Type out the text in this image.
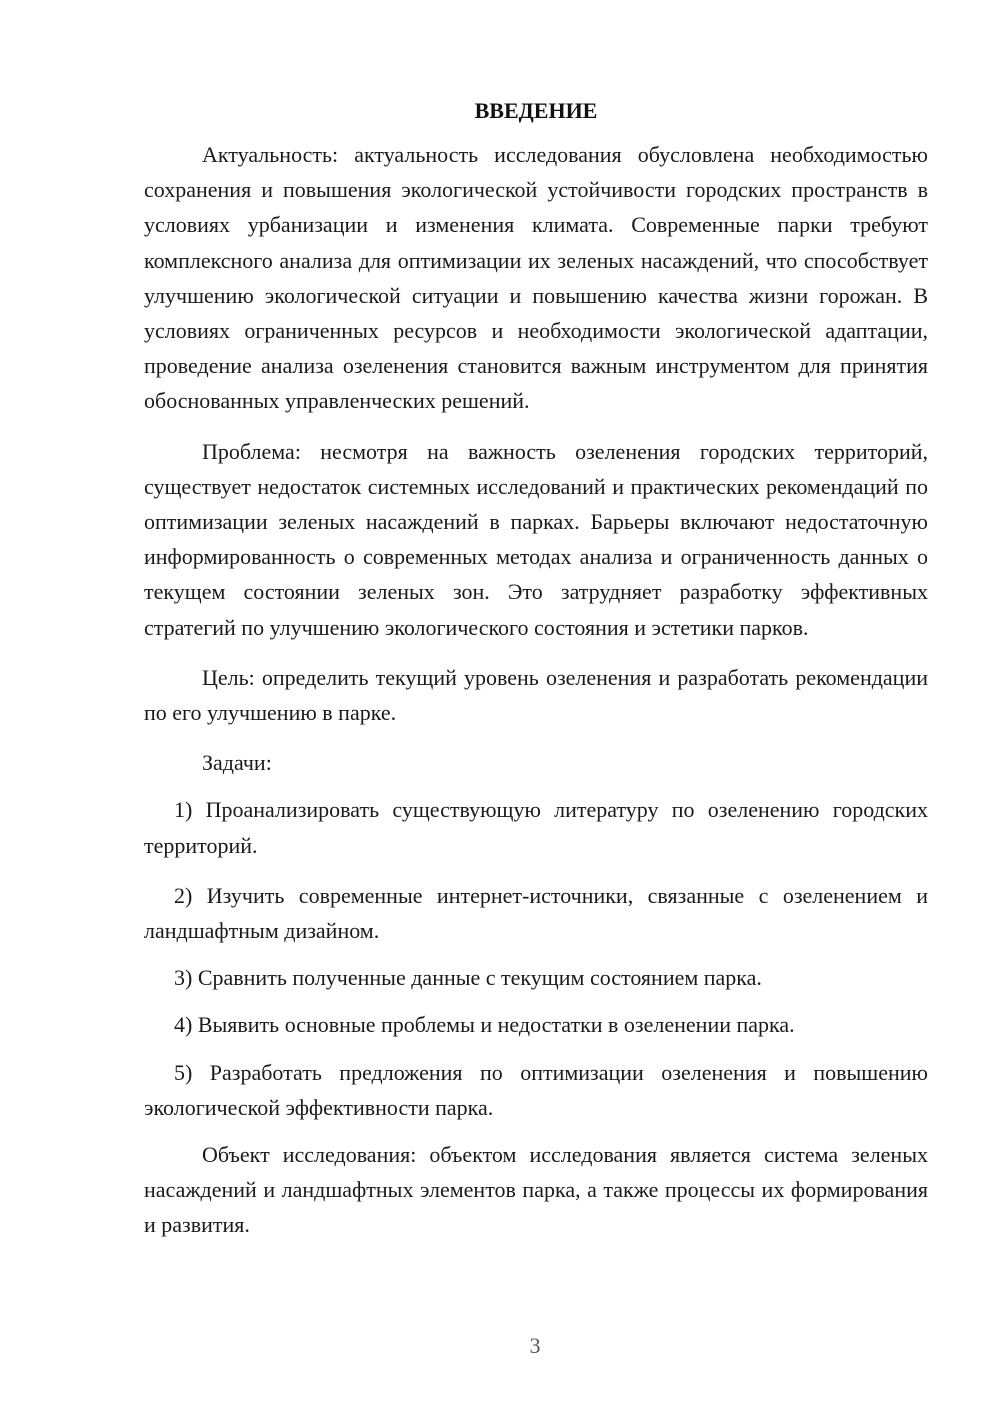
ВВЕДЕНИЕ

Актуальность: актуальность исследования обусловлена необходимостью сохранения и повышения экологической устойчивости городских пространств в условиях урбанизации и изменения климата. Современные парки требуют комплексного анализа для оптимизации их зеленых насаждений, что способствует улучшению экологической ситуации и повышению качества жизни горожан. В условиях ограниченных ресурсов и необходимости экологической адаптации, проведение анализа озеленения становится важным инструментом для принятия обоснованных управленческих решений.

Проблема: несмотря на важность озеленения городских территорий, существует недостаток системных исследований и практических рекомендаций по оптимизации зеленых насаждений в парках. Барьеры включают недостаточную информированность о современных методах анализа и ограниченность данных о текущем состоянии зеленых зон. Это затрудняет разработку эффективных стратегий по улучшению экологического состояния и эстетики парков.

Цель: определить текущий уровень озеленения и разработать рекомендации по его улучшению в парке.

Задачи:

1) Проанализировать существующую литературу по озеленению городских территорий.

2) Изучить современные интернет-источники, связанные с озеленением и ландшафтным дизайном.

3) Сравнить полученные данные с текущим состоянием парка.

4) Выявить основные проблемы и недостатки в озеленении парка.

5) Разработать предложения по оптимизации озеленения и повышению экологической эффективности парка.

Объект исследования: объектом исследования является система зеленых насаждений и ландшафтных элементов парка, а также процессы их формирования и развития.

3
